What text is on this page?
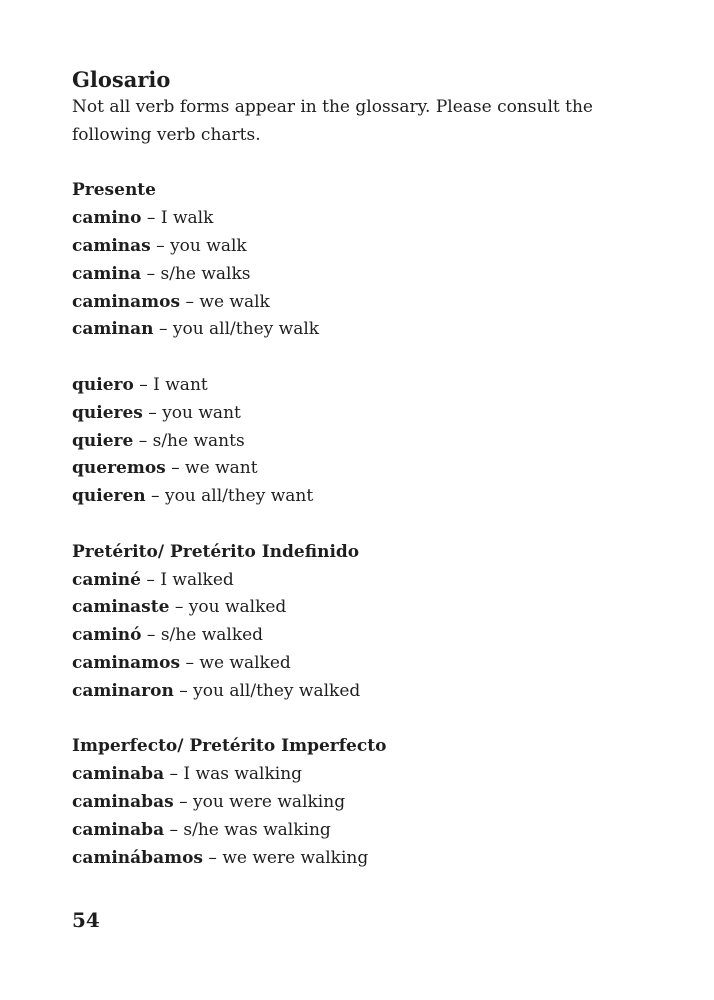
Glosario

Not all verb forms appear in the glossary. Please consult the following verb charts.

Presente

camino – I walk

caminas – you walk

camina – s/he walks

caminamos – we walk

caminan – you all/they walk

quiero – I want

quieres – you want

quiere – s/he wants

queremos – we want

quieren – you all/they want

Pretérito/ Pretérito Indefinido

caminé – I walked

caminaste – you walked

caminó – s/he walked

caminamos – we walked

caminaron – you all/they walked

Imperfecto/ Pretérito Imperfecto

caminaba – I was walking

caminabas – you were walking

caminaba – s/he was walking

caminábamos – we were walking

54
